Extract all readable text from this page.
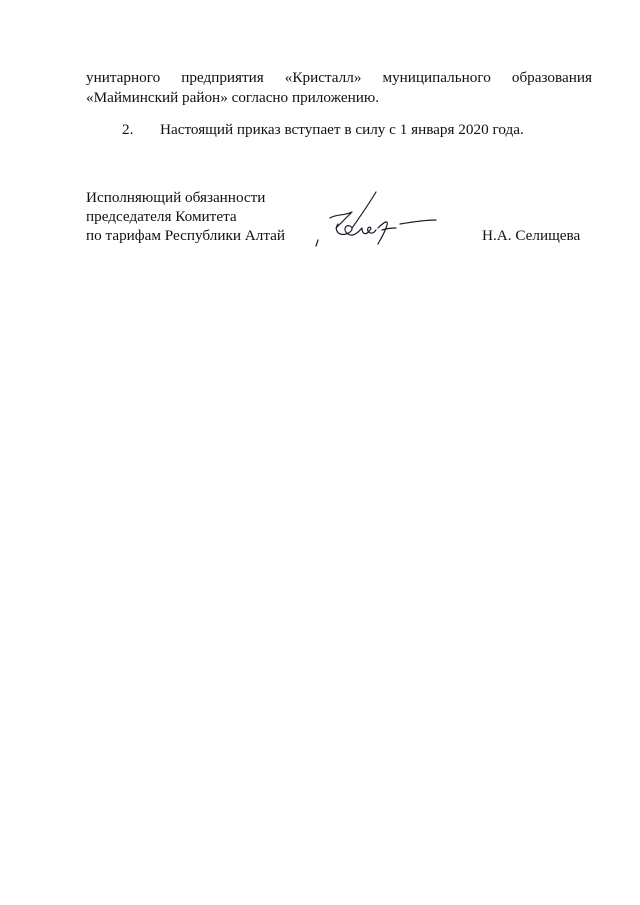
унитарного предприятия «Кристалл» муниципального образования
«Майминский район» согласно приложению.
2. Настоящий приказ вступает в силу с 1 января 2020 года.
Исполняющий обязанности
председателя Комитета
по тарифам Республики Алтай	Н.А. Селищева
